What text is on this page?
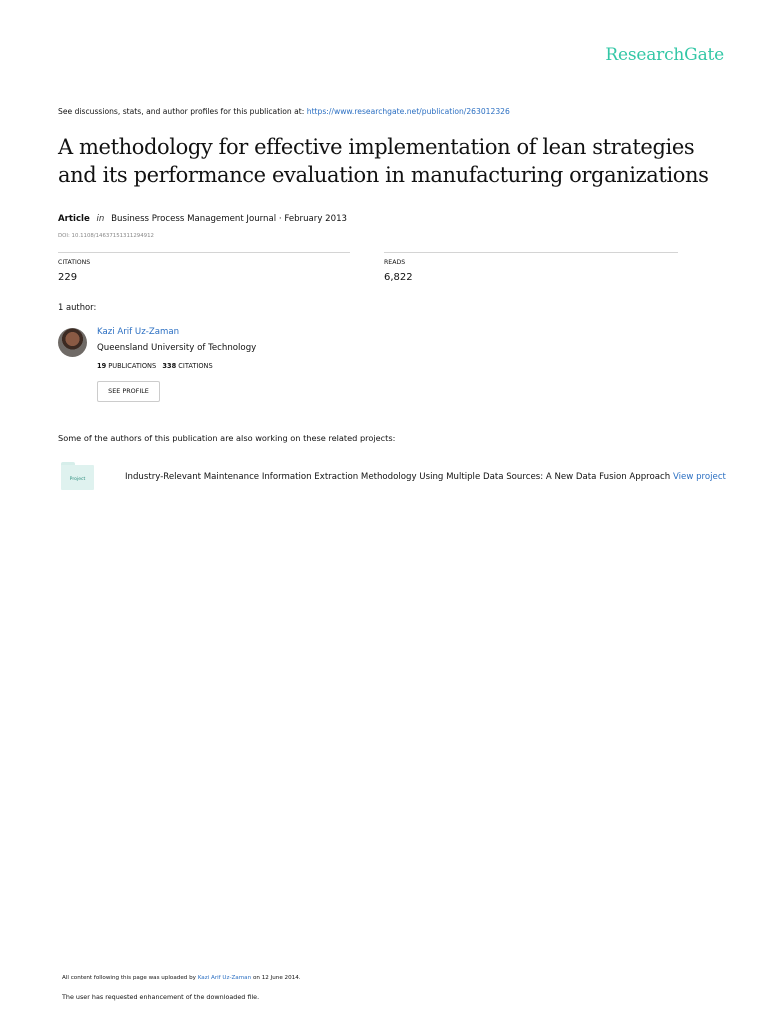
ResearchGate
See discussions, stats, and author profiles for this publication at: https://www.researchgate.net/publication/263012326
A methodology for effective implementation of lean strategies and its performance evaluation in manufacturing organizations
Article in Business Process Management Journal · February 2013
DOI: 10.1108/14637151311294912
CITATIONS
229
READS
6,822
1 author:
Kazi Arif Uz-Zaman
Queensland University of Technology
19 PUBLICATIONS 338 CITATIONS
SEE PROFILE
Some of the authors of this publication are also working on these related projects:
Project	Industry-Relevant Maintenance Information Extraction Methodology Using Multiple Data Sources: A New Data Fusion Approach View project
All content following this page was uploaded by Kazi Arif Uz-Zaman on 12 June 2014.
The user has requested enhancement of the downloaded file.
